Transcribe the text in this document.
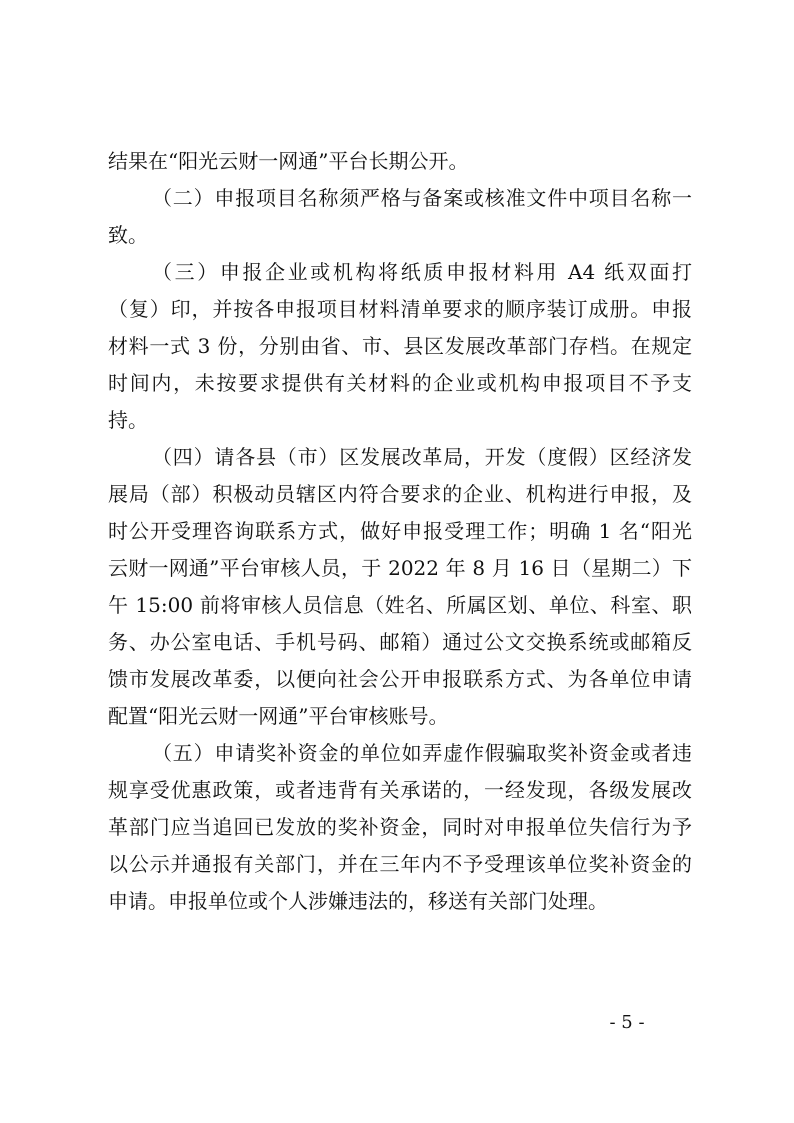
结果在“阳光云财一网通”平台长期公开。
（二）申报项目名称须严格与备案或核准文件中项目名称一
致。
（三）申报企业或机构将纸质申报材料用 A4 纸双面打
（复）印，并按各申报项目材料清单要求的顺序装订成册。申报
材料一式 3 份，分别由省、市、县区发展改革部门存档。在规定
时间内，未按要求提供有关材料的企业或机构申报项目不予支
持。
（四）请各县（市）区发展改革局，开发（度假）区经济发
展局（部）积极动员辖区内符合要求的企业、机构进行申报，及
时公开受理咨询联系方式，做好申报受理工作；明确 1 名“阳光
云财一网通”平台审核人员，于 2022 年 8 月 16 日（星期二）下
午 15:00 前将审核人员信息（姓名、所属区划、单位、科室、职
务、办公室电话、手机号码、邮箱）通过公文交换系统或邮箱反
馈市发展改革委，以便向社会公开申报联系方式、为各单位申请
配置“阳光云财一网通”平台审核账号。
（五）申请奖补资金的单位如弄虚作假骗取奖补资金或者违
规享受优惠政策，或者违背有关承诺的，一经发现，各级发展改
革部门应当追回已发放的奖补资金，同时对申报单位失信行为予
以公示并通报有关部门，并在三年内不予受理该单位奖补资金的
申请。申报单位或个人涉嫌违法的，移送有关部门处理。
- 5 -
